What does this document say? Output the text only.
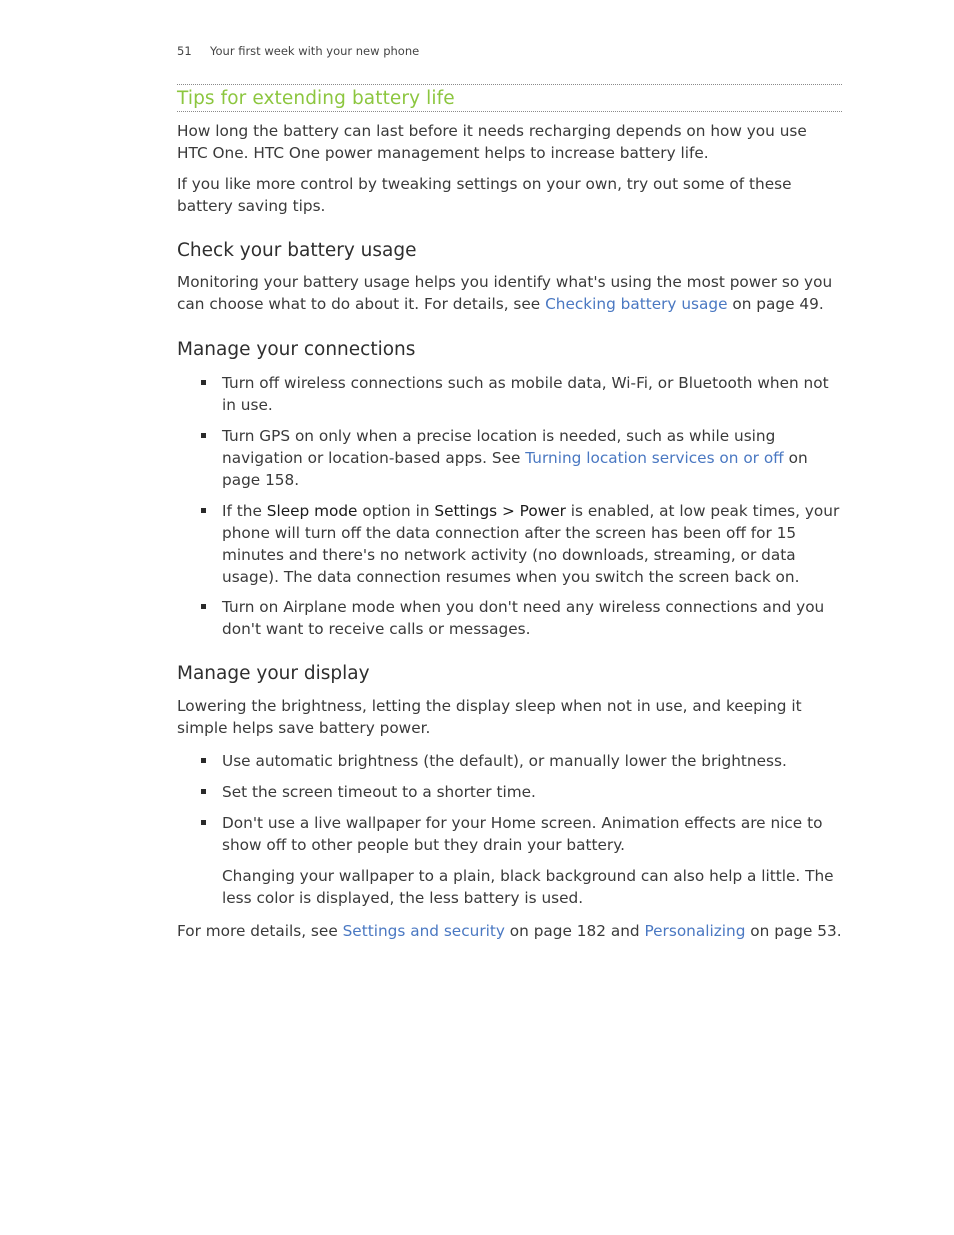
51 Your first week with your new phone
Tips for extending battery life

How long the battery can last before it needs recharging depends on how you use HTC One. HTC One power management helps to increase battery life.

If you like more control by tweaking settings on your own, try out some of these battery saving tips.

Check your battery usage

Monitoring your battery usage helps you identify what's using the most power so you can choose what to do about it. For details, see Checking battery usage on page 49.

Manage your connections
Turn off wireless connections such as mobile data, Wi-Fi, or Bluetooth when not in use.
Turn GPS on only when a precise location is needed, such as while using navigation or location-based apps. See Turning location services on or off on page 158.
If the Sleep mode option in Settings > Power is enabled, at low peak times, your phone will turn off the data connection after the screen has been off for 15 minutes and there's no network activity (no downloads, streaming, or data usage). The data connection resumes when you switch the screen back on.
Turn on Airplane mode when you don't need any wireless connections and you don't want to receive calls or messages.
Manage your display

Lowering the brightness, letting the display sleep when not in use, and keeping it simple helps save battery power.

Use automatic brightness (the default), or manually lower the brightness.
Set the screen timeout to a shorter time.
Don't use a live wallpaper for your Home screen. Animation effects are nice to show off to other people but they drain your battery.

Changing your wallpaper to a plain, black background can also help a little. The less color is displayed, the less battery is used.

For more details, see Settings and security on page 182 and Personalizing on page 53.
